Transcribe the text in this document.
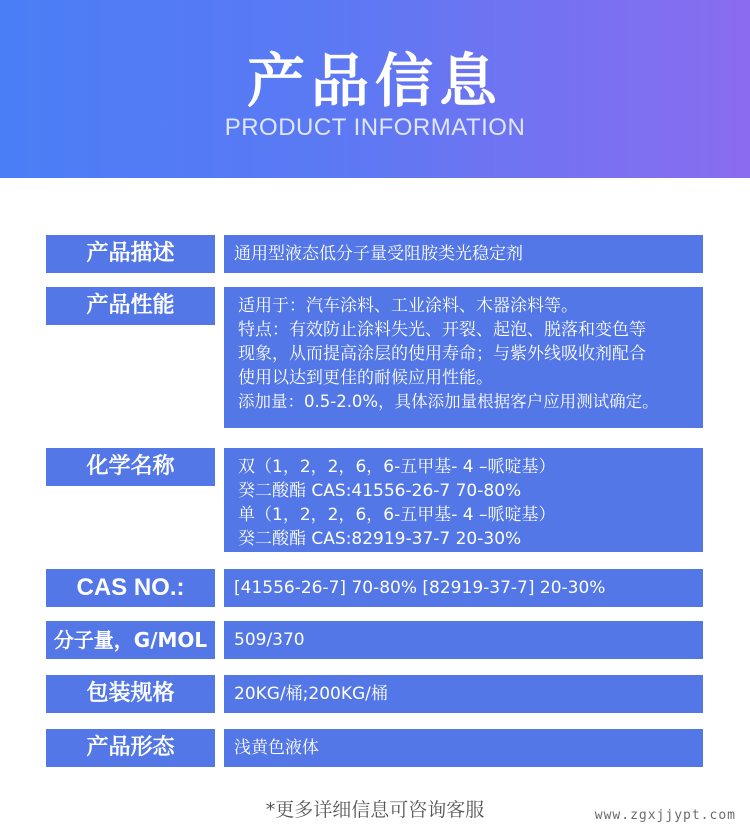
产品信息
PRODUCT INFORMATION
产品描述	通用型液态低分子量受阻胺类光稳定剂
产品性能	适用于：汽车涂料、工业涂料、木器涂料等。
特点：有效防止涂料失光、开裂、起泡、脱落和变色等
现象，从而提高涂层的使用寿命；与紫外线吸收剂配合
使用以达到更佳的耐候应用性能。
添加量：0.5-2.0%，具体添加量根据客户应用测试确定。
化学名称	双（1，2，2，6，6-五甲基- 4 –哌啶基）
癸二酸酯 CAS:41556-26-7 70-80%
单（1，2，2，6，6-五甲基- 4 –哌啶基）
癸二酸酯 CAS:82919-37-7 20-30%
CAS NO.:	[41556-26-7] 70-80% [82919-37-7] 20-30%
分子量，G/MOL	509/370
包装规格	20KG/桶;200KG/桶
产品形态	浅黄色液体
*更多详细信息可咨询客服	www.zgxjjypt.com
